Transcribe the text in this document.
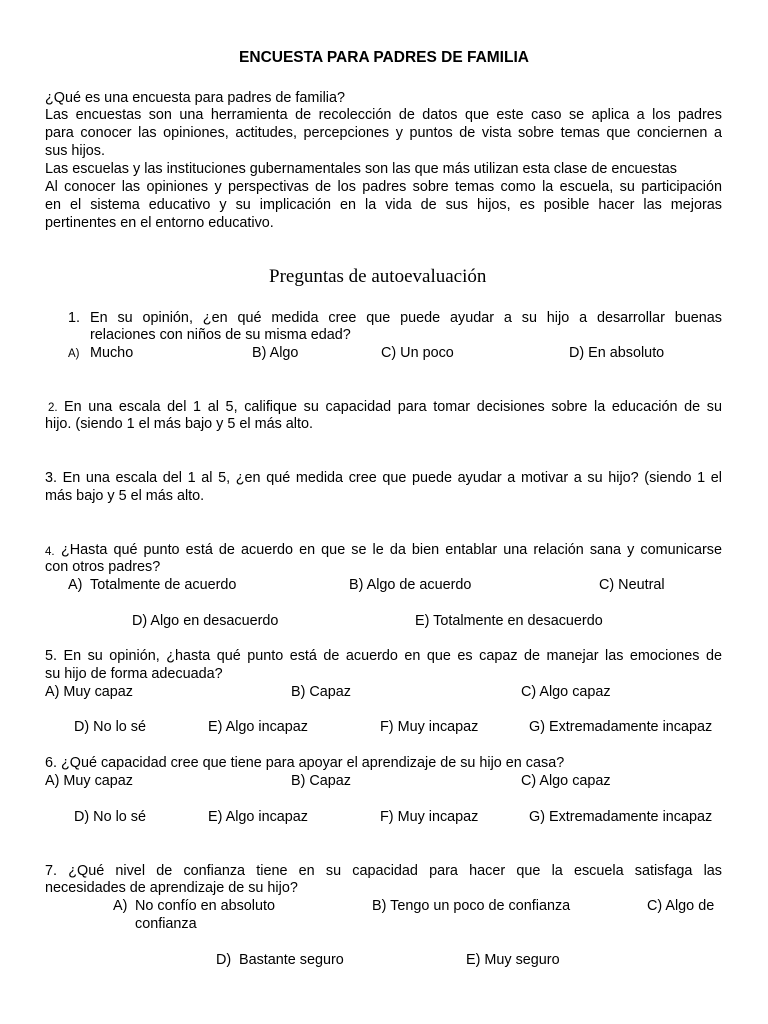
ENCUESTA PARA PADRES DE FAMILIA
¿Qué es una encuesta para padres de familia?
Las encuestas son una herramienta de recolección de datos que este caso se aplica a los padres
para conocer las opiniones, actitudes, percepciones y puntos de vista sobre temas que conciernen a
sus hijos.
Las escuelas y las instituciones gubernamentales son las que más utilizan esta clase de encuestas
Al conocer las opiniones y perspectivas de los padres sobre temas como la escuela, su participación
en el sistema educativo y su implicación en la vida de sus hijos, es posible hacer las mejoras
pertinentes en el entorno educativo.
Preguntas de autoevaluación
1. En su opinión, ¿en qué medida cree que puede ayudar a su hijo a desarrollar buenas
relaciones con niños de su misma edad?
A) Mucho	B) Algo	C) Un poco	D) En absoluto
2. En una escala del 1 al 5, califique su capacidad para tomar decisiones sobre la educación de su
hijo. (siendo 1 el más bajo y 5 el más alto.
3. En una escala del 1 al 5, ¿en qué medida cree que puede ayudar a motivar a su hijo? (siendo 1 el
más bajo y 5 el más alto.
4. ¿Hasta qué punto está de acuerdo en que se le da bien entablar una relación sana y comunicarse
con otros padres?
A) Totalmente de acuerdo	B) Algo de acuerdo	C) Neutral
D) Algo en desacuerdo	E) Totalmente en desacuerdo
5. En su opinión, ¿hasta qué punto está de acuerdo en que es capaz de manejar las emociones de
su hijo de forma adecuada?
A) Muy capaz	B) Capaz	C) Algo capaz
D) No lo sé	E) Algo incapaz	F) Muy incapaz	G) Extremadamente incapaz
6. ¿Qué capacidad cree que tiene para apoyar el aprendizaje de su hijo en casa?
A) Muy capaz	B) Capaz	C) Algo capaz
D) No lo sé	E) Algo incapaz	F) Muy incapaz	G) Extremadamente incapaz
7. ¿Qué nivel de confianza tiene en su capacidad para hacer que la escuela satisfaga las
necesidades de aprendizaje de su hijo?
A) No confío en absoluto
confianza
B) Tengo un poco de confianza	C) Algo de
D) Bastante seguro	E) Muy seguro
